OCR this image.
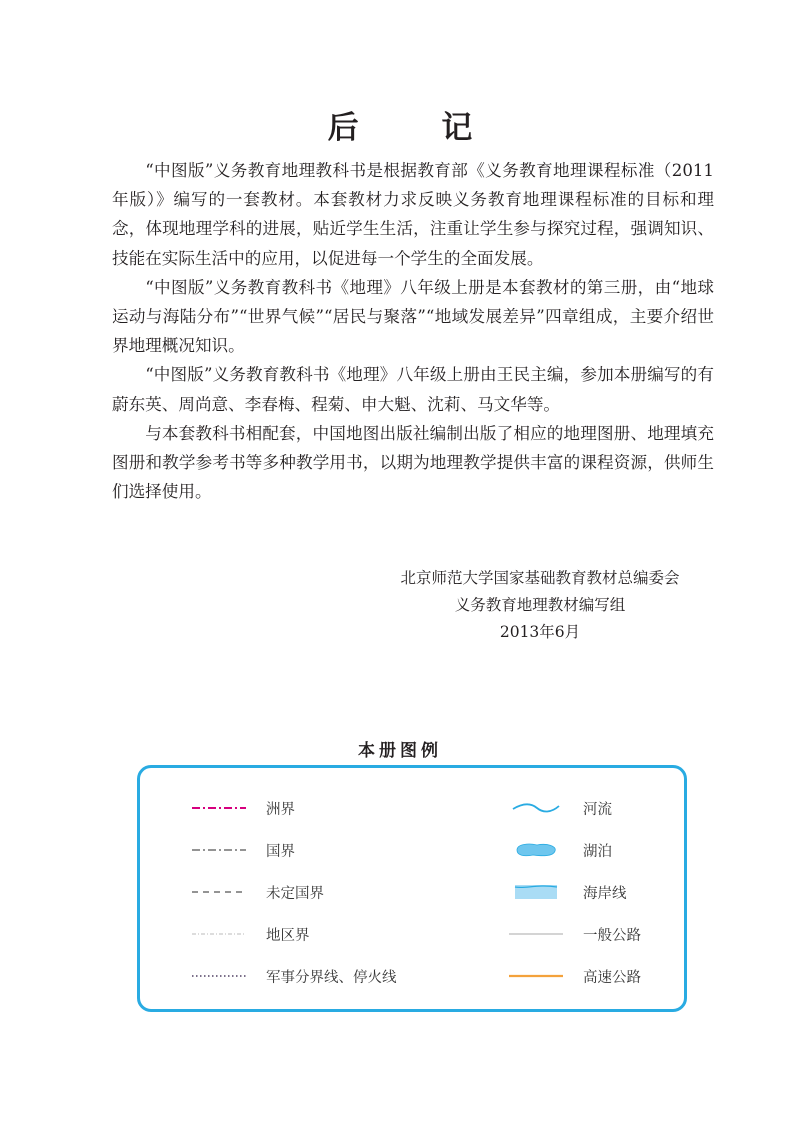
后 记

“中图版”义务教育地理教科书是根据教育部《义务教育地理课程标准（2011年版）》编写的一套教材。本套教材力求反映义务教育地理课程标准的目标和理念，体现地理学科的进展，贴近学生生活，注重让学生参与探究过程，强调知识、技能在实际生活中的应用，以促进每一个学生的全面发展。

“中图版”义务教育教科书《地理》八年级上册是本套教材的第三册，由“地球运动与海陆分布”“世界气候”“居民与聚落”“地域发展差异”四章组成，主要介绍世界地理概况知识。

“中图版”义务教育教科书《地理》八年级上册由王民主编，参加本册编写的有蔚东英、周尚意、李春梅、程菊、申大魁、沈莉、马文华等。

与本套教科书相配套，中国地图出版社编制出版了相应的地理图册、地理填充图册和教学参考书等多种教学用书，以期为地理教学提供丰富的课程资源，供师生们选择使用。

北京师范大学国家基础教育教材总编委会
义务教育地理教材编写组
2013年6月
本册图例
洲界
国界
未定国界
地区界
军事分界线、停火线
河流
湖泊
海岸线
一般公路
高速公路
